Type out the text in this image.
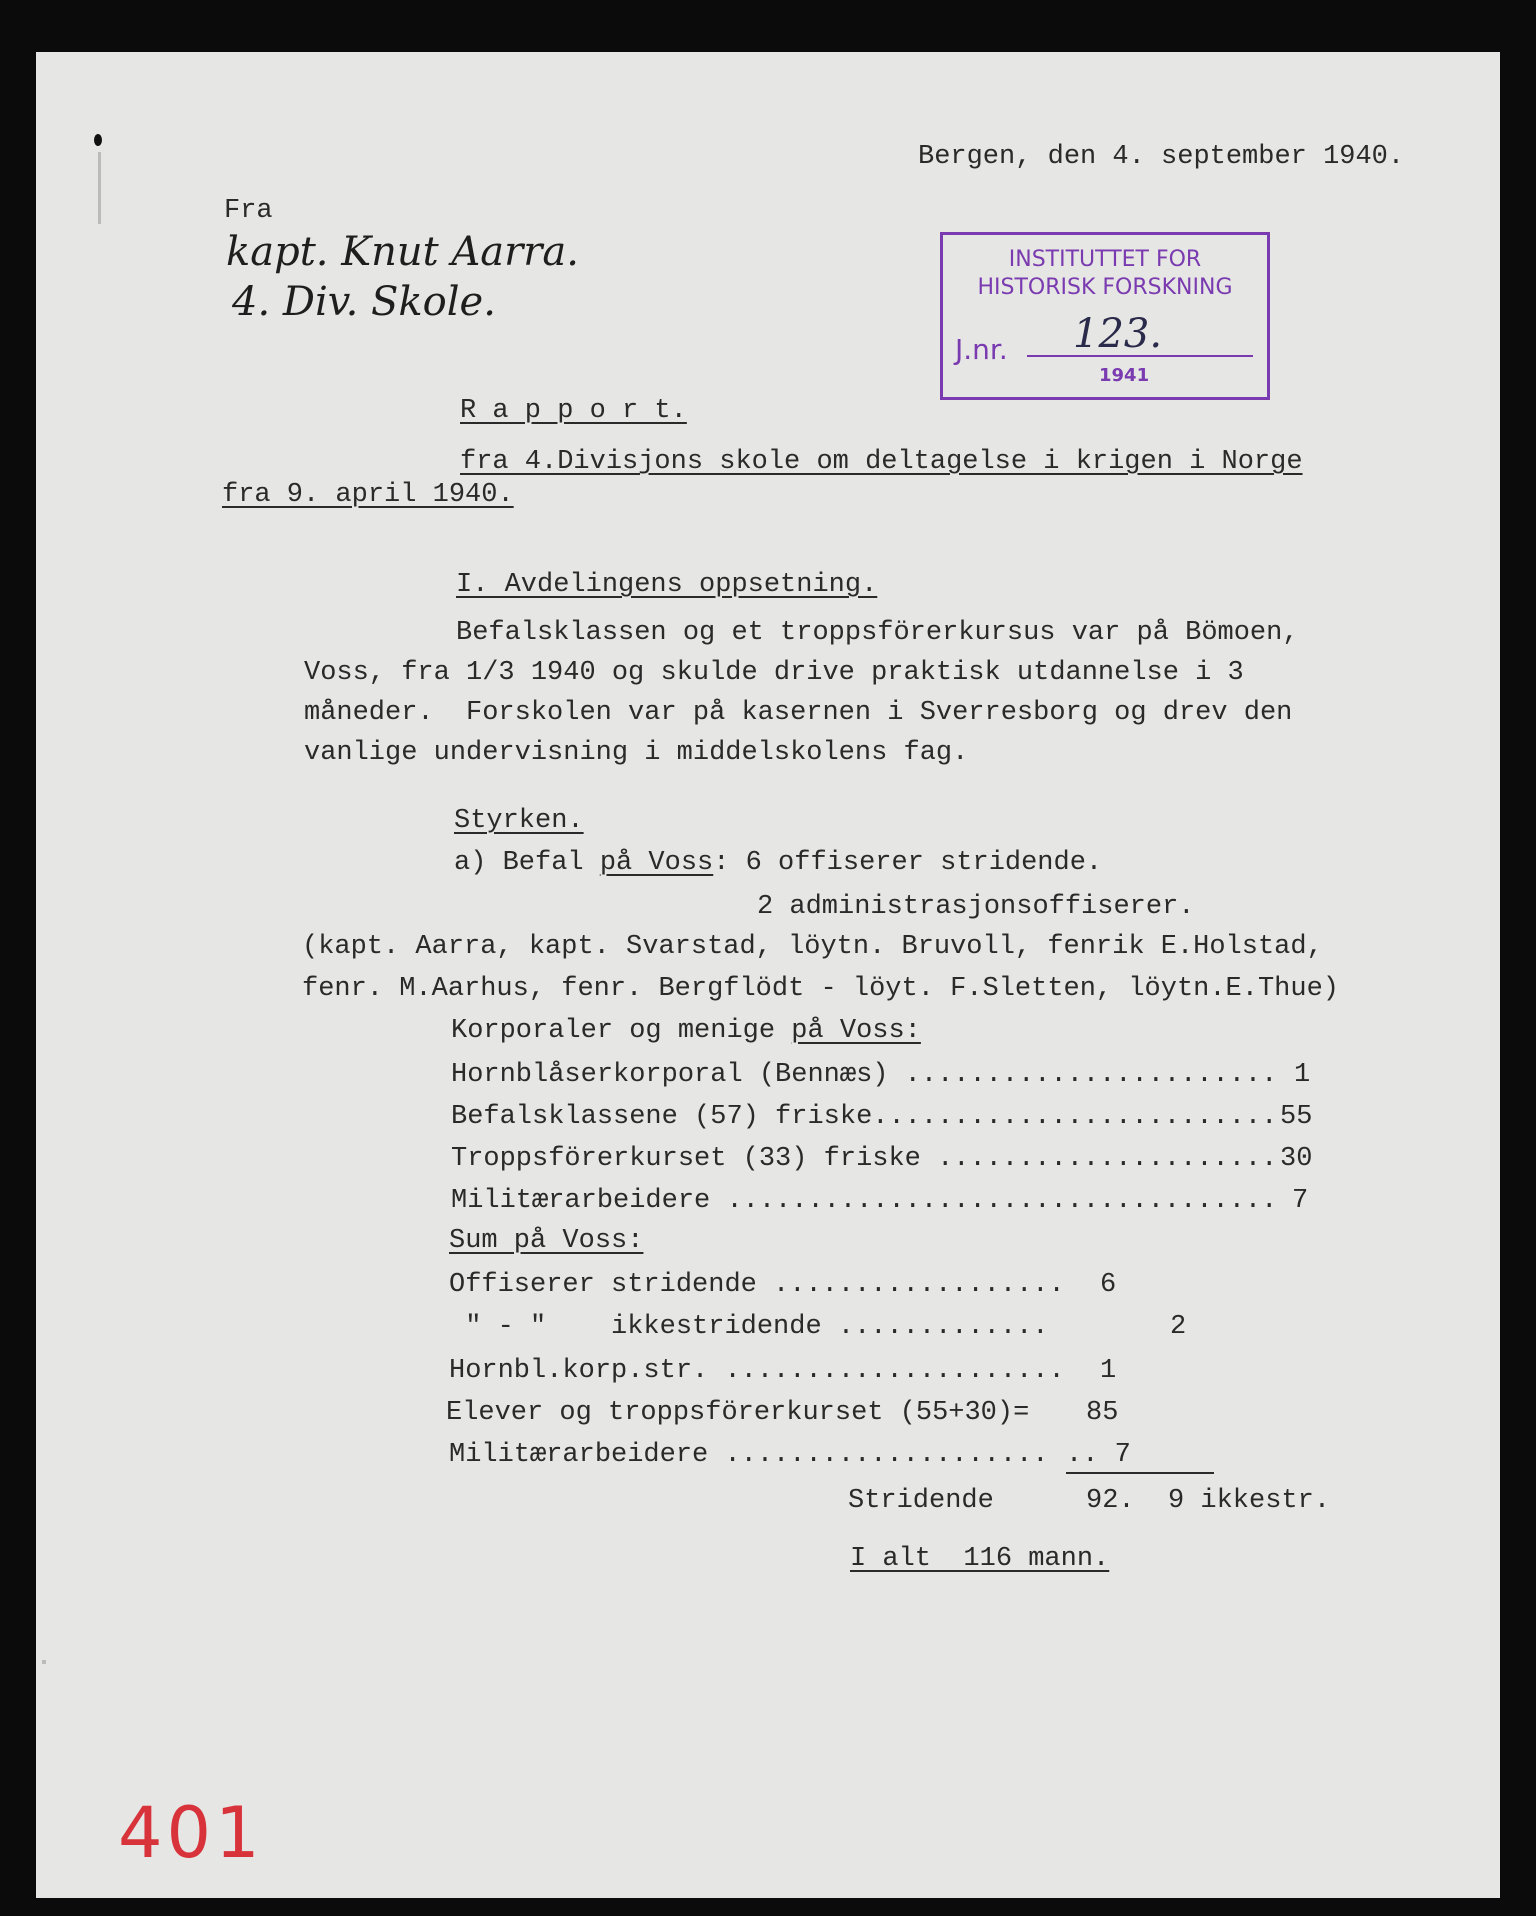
Bergen, den 4. september 1940.
Fra
kapt. Knut Aarra.
4. Div. Skole.
INSTITUTTET FOR
HISTORISK FORSKNING
J.nr. 123.
1941
R a p p o r t.
fra 4.Divisjons skole om deltagelse i krigen i Norge
fra 9. april 1940.
I. Avdelingens oppsetning.
Befalsklassen og et troppsförerkursus var på Bömoen,
Voss, fra 1/3 1940 og skulde drive praktisk utdannelse i 3
måneder.  Forskolen var på kasernen i Sverresborg og drev den
vanlige undervisning i middelskolens fag.
Styrken.
a) Befal på Voss: 6 offiserer stridende.
2 administrasjonsoffiserer.
(kapt. Aarra, kapt. Svarstad, löytn. Bruvoll, fenrik E.Holstad,
fenr. M.Aarhus, fenr. Bergflödt - löyt. F.Sletten, löytn.E.Thue)
Korporaler og menige på Voss:
Hornblåserkorporal (Bennæs) ....................... 1
Befalsklassene (57) friske......................... 55
Troppsförerkurset (33) friske ..................... 30
Militærarbeidere .................................. 7
Sum på Voss:
Offiserer stridende .................. 6
" - "    ikkestridende .............	2
Hornbl.korp.str. ..................... 1
Elever og troppsförerkurset (55+30)= 85
Militærarbeidere .................... .. 7
Stridende	92. 9 ikkestr.
I alt  116 mann.
401
